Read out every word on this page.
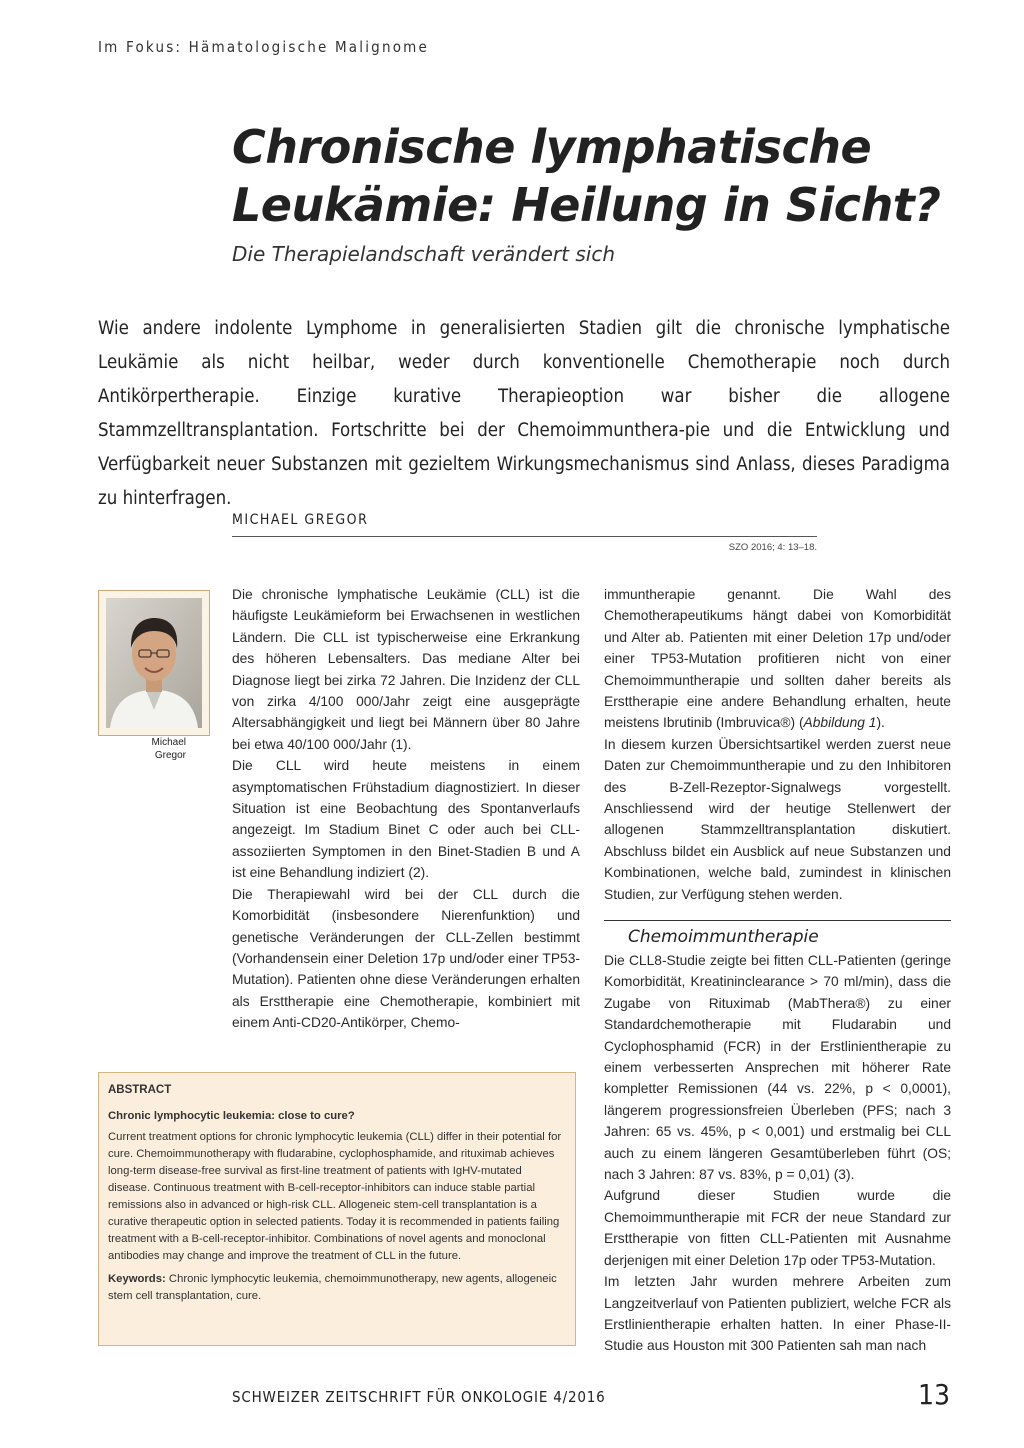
Im Fokus: Hämatologische Malignome
Chronische lymphatische
Leukämie: Heilung in Sicht?
Die Therapielandschaft verändert sich
Wie andere indolente Lymphome in generalisierten Stadien gilt die chronische lymphatische Leukämie als nicht heilbar, weder durch konventionelle Chemotherapie noch durch Antikörpertherapie. Einzige kurative Therapieoption war bisher die allogene Stammzelltransplantation. Fortschritte bei der Chemoimmunthera-pie und die Entwicklung und Verfügbarkeit neuer Substanzen mit gezieltem Wirkungsmechanismus sind Anlass, dieses Paradigma zu hinterfragen.
MICHAEL GREGOR
SZO 2016; 4: 13–18.
Michael
Gregor

Die chronische lymphatische Leukämie (CLL) ist die häufigste Leukämieform bei Erwachsenen in westlichen Ländern. Die CLL ist typischerweise eine Erkrankung des höheren Lebensalters. Das mediane Alter bei Diagnose liegt bei zirka 72 Jahren. Die Inzidenz der CLL von zirka 4/100 000/Jahr zeigt eine ausgeprägte Altersabhängigkeit und liegt bei Männern über 80 Jahre bei etwa 40/100 000/Jahr (1).

Die CLL wird heute meistens in einem asymptomatischen Frühstadium diagnostiziert. In dieser Situation ist eine Beobachtung des Spontanverlaufs angezeigt. Im Stadium Binet C oder auch bei CLL-assoziierten Symptomen in den Binet-Stadien B und A ist eine Behandlung indiziert (2).

Die Therapiewahl wird bei der CLL durch die Komorbidität (insbesondere Nierenfunktion) und genetische Veränderungen der CLL-Zellen bestimmt (Vorhandensein einer Deletion 17p und/oder einer TP53-Mutation). Patienten ohne diese Veränderungen erhalten als Ersttherapie eine Chemotherapie, kombiniert mit einem Anti-CD20-Antikörper, Chemo-

immuntherapie genannt. Die Wahl des Chemotherapeutikums hängt dabei von Komorbidität und Alter ab. Patienten mit einer Deletion 17p und/oder einer TP53-Mutation profitieren nicht von einer Chemoimmuntherapie und sollten daher bereits als Ersttherapie eine andere Behandlung erhalten, heute meistens Ibrutinib (Imbruvica®) (Abbildung 1).

In diesem kurzen Übersichtsartikel werden zuerst neue Daten zur Chemoimmuntherapie und zu den Inhibitoren des B-Zell-Rezeptor-Signalwegs vorgestellt. Anschliessend wird der heutige Stellenwert der allogenen Stammzelltransplantation diskutiert. Abschluss bildet ein Ausblick auf neue Substanzen und Kombinationen, welche bald, zumindest in klinischen Studien, zur Verfügung stehen werden.

Chemoimmuntherapie

Die CLL8-Studie zeigte bei fitten CLL-Patienten (geringe Komorbidität, Kreatininclearance > 70 ml/min), dass die Zugabe von Rituximab (MabThera®) zu einer Standardchemotherapie mit Fludarabin und Cyclophosphamid (FCR) in der Erstlinientherapie zu einem verbesserten Ansprechen mit höherer Rate kompletter Remissionen (44 vs. 22%, p < 0,0001), längerem progressionsfreien Überleben (PFS; nach 3 Jahren: 65 vs. 45%, p < 0,001) und erstmalig bei CLL auch zu einem längeren Gesamtüberleben führt (OS; nach 3 Jahren: 87 vs. 83%, p = 0,01) (3).

Aufgrund dieser Studien wurde die Chemoimmuntherapie mit FCR der neue Standard zur Ersttherapie von fitten CLL-Patienten mit Ausnahme derjenigen mit einer Deletion 17p oder TP53-Mutation.

Im letzten Jahr wurden mehrere Arbeiten zum Langzeitverlauf von Patienten publiziert, welche FCR als Erstlinientherapie erhalten hatten. In einer Phase-II-Studie aus Houston mit 300 Patienten sah man nach

ABSTRACT

Chronic lymphocytic leukemia: close to cure?

Current treatment options for chronic lymphocytic leukemia (CLL) differ in their potential for cure. Chemoimmunotherapy with fludarabine, cyclophosphamide, and rituximab achieves long-term disease-free survival as first-line treatment of patients with IgHV-mutated disease. Continuous treatment with B-cell-receptor-inhibitors can induce stable partial remissions also in advanced or high-risk CLL. Allogeneic stem-cell transplantation is a curative therapeutic option in selected patients. Today it is recommended in patients failing treatment with a B-cell-receptor-inhibitor. Combinations of novel agents and monoclonal antibodies may change and improve the treatment of CLL in the future.

Keywords: Chronic lymphocytic leukemia, chemoimmunotherapy, new agents, allogeneic stem cell transplantation, cure.

SCHWEIZER ZEITSCHRIFT FÜR ONKOLOGIE 4/2016	13
